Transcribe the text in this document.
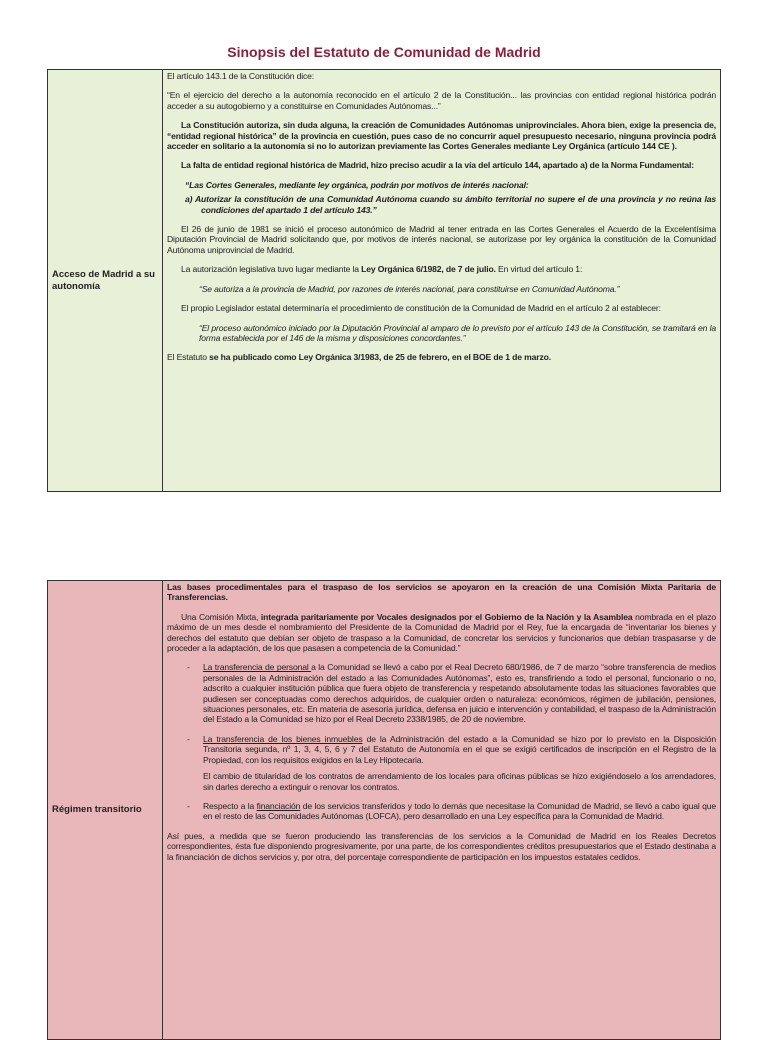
Sinopsis del Estatuto de Comunidad de Madrid
Acceso de Madrid a su autonomía	

El artículo 143.1 de la Constitución dice:

“En el ejercicio del derecho a la autonomía reconocido en el artículo 2 de la Constitución... las provincias con entidad regional histórica podrán acceder a su autogobierno y a constituirse en Comunidades Autónomas...”

La Constitución autoriza, sin duda alguna, la creación de Comunidades Autónomas uniprovinciales. Ahora bien, exige la presencia de, “entidad regional histórica” de la provincia en cuestión, pues caso de no concurrir aquel presupuesto necesario, ninguna provincia podrá acceder en solitario a la autonomía si no lo autorizan previamente las Cortes Generales mediante Ley Orgánica (artículo 144 CE ).

La falta de entidad regional histórica de Madrid, hizo preciso acudir a la vía del artículo 144, apartado a) de la Norma Fundamental:

“Las Cortes Generales, mediante ley orgánica, podrán por motivos de interés nacional:

a) Autorizar la constitución de una Comunidad Autónoma cuando su ámbito territorial no supere el de una provincia y no reúna las condiciones del apartado 1 del artículo 143.”

El 26 de junio de 1981 se inició el proceso autonómico de Madrid al tener entrada en las Cortes Generales el Acuerdo de la Excelentísima Diputación Provincial de Madrid solicitando que, por motivos de interés nacional, se autorizase por ley orgánica la constitución de la Comunidad Autónoma uniprovincial de Madrid.

La autorización legislativa tuvo lugar mediante la Ley Orgánica 6/1982, de 7 de julio. En virtud del artículo 1:

“Se autoriza a la provincia de Madrid, por razones de interés nacional, para constituirse en Comunidad Autónoma.”

El propio Legislador estatal determinaría el procedimiento de constitución de la Comunidad de Madrid en el artículo 2 al establecer:

“El proceso autonómico iniciado por la Diputación Provincial al amparo de lo previsto por el artículo 143 de la Constitución, se tramitará en la forma establecida por el 146 de la misma y disposiciones concordantes.”

El Estatuto se ha publicado como Ley Orgánica 3/1983, de 25 de febrero, en el BOE de 1 de marzo.

Régimen transitorio	

Las bases procedimentales para el traspaso de los servicios se apoyaron en la creación de una Comisión Mixta Paritaria de Transferencias.

Una Comisión Mixta, integrada paritariamente por Vocales designados por el Gobierno de la Nación y la Asamblea nombrada en el plazo máximo de un mes desde el nombramiento del Presidente de la Comunidad de Madrid por el Rey, fue la encargada de “inventariar los bienes y derechos del estatuto que debían ser objeto de traspaso a la Comunidad, de concretar los servicios y funcionarios que debían traspasarse y de proceder a la adaptación, de los que pasasen a competencia de la Comunidad.”

-	La transferencia de personal a la Comunidad se llevó a cabo por el Real Decreto 680/1986, de 7 de marzo “sobre transferencia de medios personales de la Administración del estado a las Comunidades Autónomas”, esto es, transfiriendo a todo el personal, funcionario o no, adscrito a cualquier institución pública que fuera objeto de transferencia y respetando absolutamente todas las situaciones favorables que pudiesen ser conceptuadas como derechos adquiridos, de cualquier orden o naturaleza: económicos, régimen de jubilación, pensiones, situaciones personales, etc. En materia de asesoría jurídica, defensa en juicio e intervención y contabilidad, el traspaso de la Administración del Estado a la Comunidad se hizo por el Real Decreto 2338/1985, de 20 de noviembre.
-	La transferencia de los bienes inmuebles de la Administración del estado a la Comunidad se hizo por lo previsto en la Disposición Transitoria segunda, nº 1, 3, 4, 5, 6 y 7 del Estatuto de Autonomía en el que se exigió certificados de inscripción en el Registro de la Propiedad, con los requisitos exigidos en la Ley Hipotecaria.

El cambio de titularidad de los contratos de arrendamiento de los locales para oficinas públicas se hizo exigiéndoselo a los arrendadores, sin darles derecho a extinguir o renovar los contratos.

-	Respecto a la financiación de los servicios transferidos y todo lo demás que necesitase la Comunidad de Madrid, se llevó a cabo igual que en el resto de las Comunidades Autónomas (LOFCA), pero desarrollado en una Ley específica para la Comunidad de Madrid.

Así pues, a medida que se fueron produciendo las transferencias de los servicios a la Comunidad de Madrid en los Reales Decretos correspondientes, ésta fue disponiendo progresivamente, por una parte, de los correspondientes créditos presupuestarios que el Estado destinaba a la financiación de dichos servicios y, por otra, del porcentaje correspondiente de participación en los impuestos estatales cedidos.
